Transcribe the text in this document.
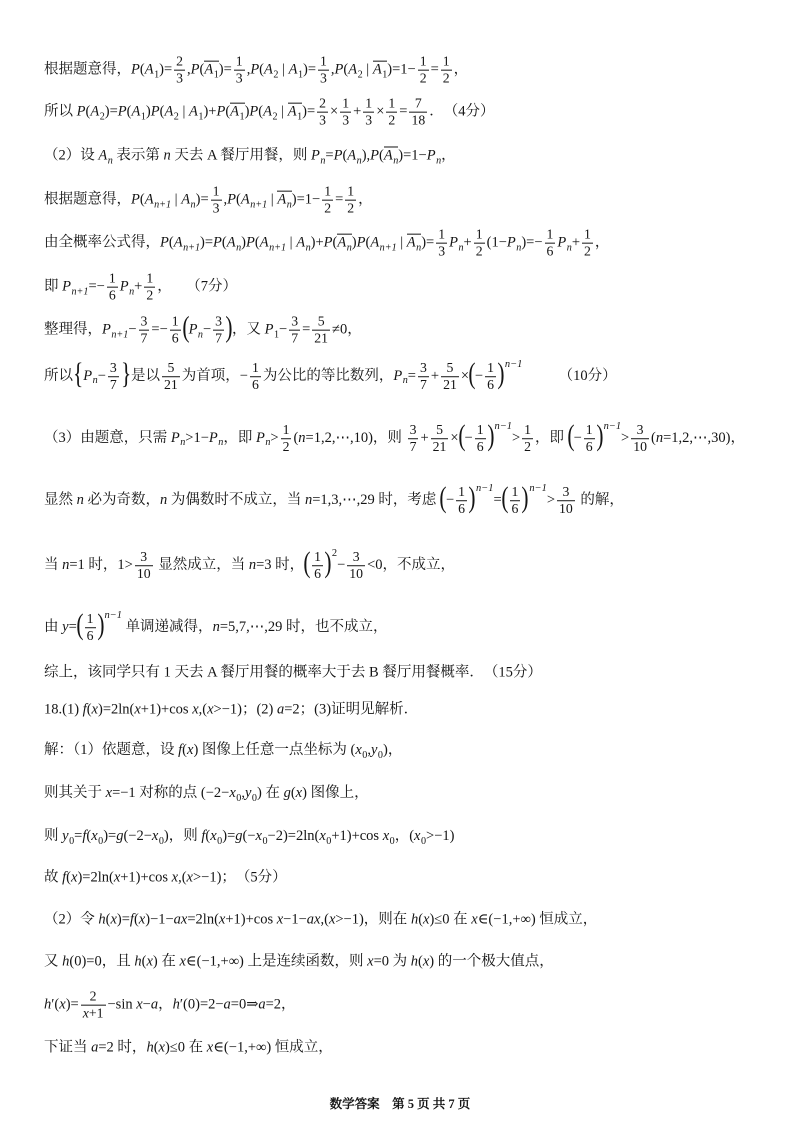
根据题意得，$P(A_1)= \frac{2}{3} ,P(A_1)= \frac{1}{3} ,P(A_2$ | $A_1)= \frac{1}{3} ,P(A_2$ | $A_1)=1- \frac{1}{2} = \frac{1}{2}$ ，
所以 $P(A_2)=P(A_1)P(A_2$ | $A_1)+P(A_1)P(A_2$ | $A_1)= \frac{2}{3} \times \frac{1}{3} + \frac{1}{3} \times \frac{1}{2} = \frac{7}{18}$ ．　（4分）
（2）设 $A_n$ 表示第 n 天去 A 餐厅用餐，则 $P_n=P(A_n),P(A_n)=1-P_n$，
根据题意得，$P(A_{n+1}$ | $A_n)= \frac{1}{3} ,P(A_{n+1}$ | $A_n)=1- \frac{1}{2} = \frac{1}{2}$ ，
由全概率公式得，$P(A_{n+1})=P(A_n)P(A_{n+1}$ | $A_n)+P(A_n)P(A_{n+1}$ | $A_n)= \frac{1}{3} P_n+ \frac{1}{2} (1-P_n)=- \frac{1}{6} P_n+ \frac{1}{2}$ ，
即 $P_{n+1}=- \frac{1}{6} P_n+ \frac{1}{2}$ ，　　（7分）
整理得，$P_{n+1}- \frac{3}{7} =- \frac{1}{6} (P_n- \frac{3}{7}$ )，又 $P_1- \frac{3}{7} = \frac{5}{21} \ne 0$，
所以{$P_n- \frac{3}{7}$ }是以 $\frac{5}{21}$ 为首项，− $\frac{1}{6}$ 为公比的等比数列，$P_n= \frac{3}{7} + \frac{5}{21}$ ×(− $\frac{1}{6} )^{n-1}$　　　（10分）
（3）由题意，只需 $P_n>1-P_n$，即 $P_n> \frac{1}{2}$ (n=1,2,⋯,10)，则 $\frac{3}{7} + \frac{5}{21}$ ×(− $\frac{1}{6} )^{n-1}> \frac{1}{2}$ ，即 (− $\frac{1}{6} )^{n-1}> \frac{3}{10}$ (n=1,2,⋯,30)，
显然 n 必为奇数，n 为偶数时不成立，当 n=1,3,⋯,29 时，考虑 (− $\frac{1}{6} )^{n-1}=( \frac{1}{6} )^{n-1}> \frac{3}{10}$ 的解，
当 n=1 时，$1> \frac{3}{10}$ 显然成立，当 n=3 时，( $\frac{1}{6} )^2- \frac{3}{10} <0$，不成立，
由 $y=( \frac{1}{6} )^{n-1}$ 单调递减得，n=5,7,⋯,29 时，也不成立，
综上，该同学只有 1 天去 A 餐厅用餐的概率大于去 B 餐厅用餐概率．　（15分）
18.(1) f(x)=2ln(x+1)+cos x,(x>−1)；(2) a=2；(3)证明见解析．
解：（1）依题意，设 f(x) 图像上任意一点坐标为 $(x_0,y_0)$，
则其关于 x=−1 对称的点 $(-2-x_0,y_0)$ 在 g(x) 图像上，
则 $y_0=f(x_0)=g(-2-x_0)$，则 $f(x_0)=g(-x_0-2)=2\ln(x_0+1)+\cos$ $x_0$，$(x_0>-1)$
故 f(x)=2ln(x+1)+cos x,(x>−1)；　（5分）
（2）令 h(x)=f(x)−1−ax=2ln(x+1)+cos x−1−ax,(x>−1)，则在 h(x)≤0 在 x∈(−1,+∞) 恒成立，
又 h(0)=0，且 h(x) 在 x∈(−1,+∞) 上是连续函数，则 x=0 为 h(x) 的一个极大值点，
$h'(x)= \frac{2}{x+1} -\sin$ x−a，h′(0)=2−a=0⇒a=2，
下证当 a=2 时，h(x)≤0 在 x∈(−1,+∞) 恒成立，
数学答案　第 5 页 共 7 页
